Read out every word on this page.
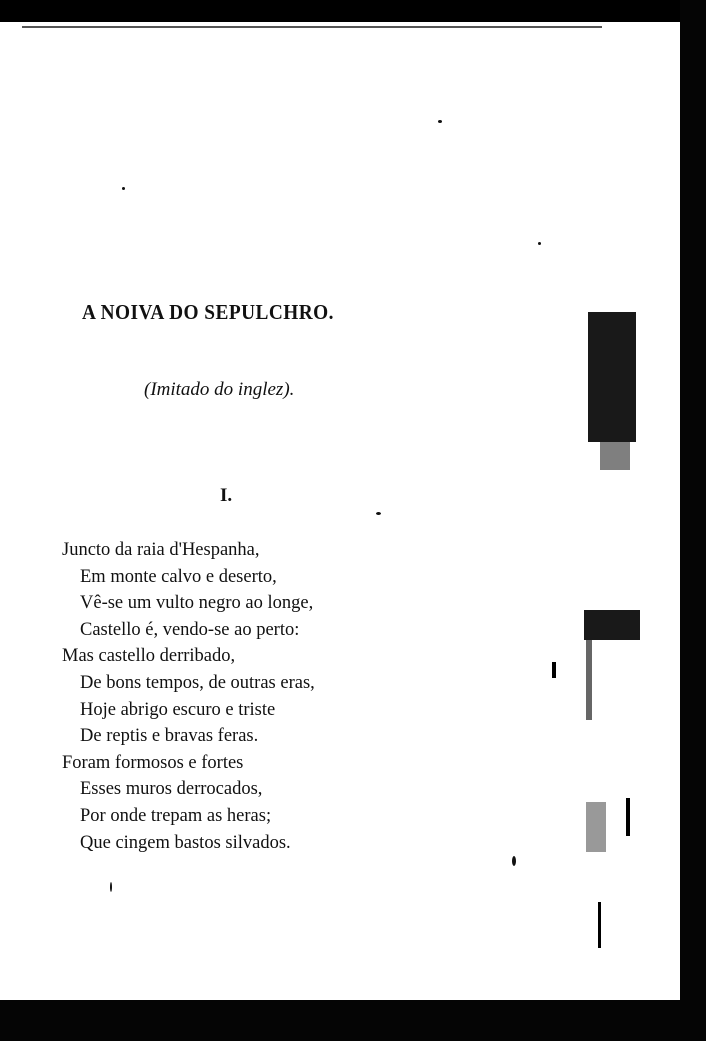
A NOIVA DO SEPULCHRO.
(Imitado do inglez).
I.
Juncto da raia d'Hespanha,
Em monte calvo e deserto,
Vê-se um vulto negro ao longe,
Castello é, vendo-se ao perto:
Mas castello derribado,
De bons tempos, de outras eras,
Hoje abrigo escuro e triste
De reptis e bravas feras.
Foram formosos e fortes
Esses muros derrocados,
Por onde trepam as heras;
Que cingem bastos silvados.
